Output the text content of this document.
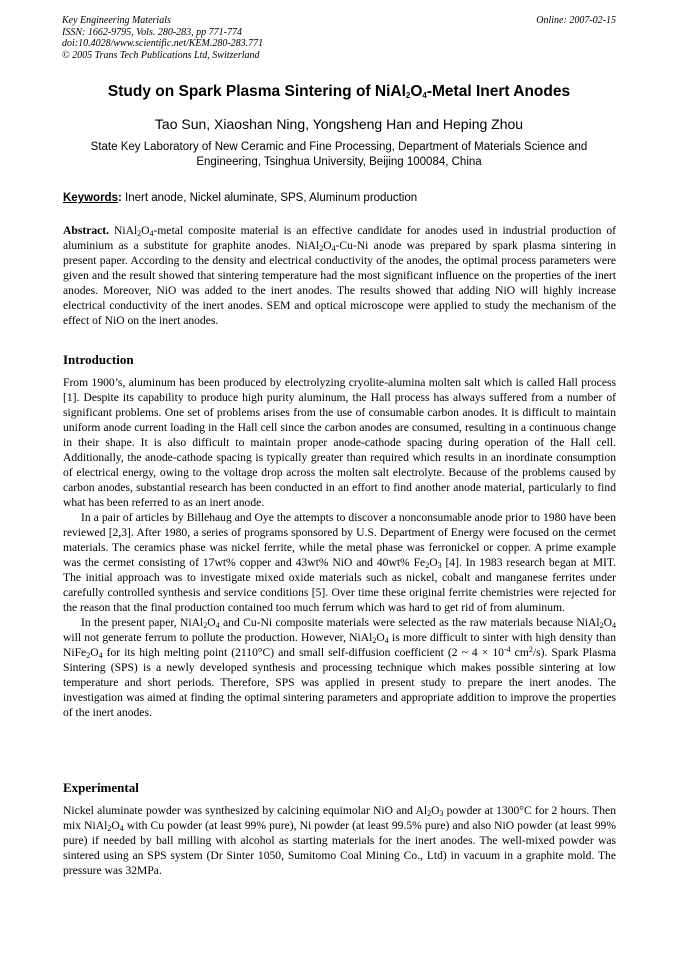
Key Engineering Materials
ISSN: 1662-9795, Vols. 280-283, pp 771-774
doi:10.4028/www.scientific.net/KEM.280-283.771
© 2005 Trans Tech Publications Ltd, Switzerland
Online: 2007-02-15
Study on Spark Plasma Sintering of $NiAl_2O_4$-Metal Inert Anodes
Tao Sun, Xiaoshan Ning, Yongsheng Han and Heping Zhou
State Key Laboratory of New Ceramic and Fine Processing, Department of Materials Science and
Engineering, Tsinghua University, Beijing 100084, China
Keywords: Inert anode, Nickel aluminate, SPS, Aluminum production

Abstract. $NiAl_2O_4$-metal composite material is an effective candidate for anodes used in industrial production of aluminium as a substitute for graphite anodes. $NiAl_2O_4-Cu-Ni$ anode was prepared by spark plasma sintering in present paper. According to the density and electrical conductivity of the anodes, the optimal process parameters were given and the result showed that sintering temperature had the most significant influence on the properties of the inert anodes. Moreover, NiO was added to the inert anodes. The results showed that adding NiO will highly increase electrical conductivity of the inert anodes. SEM and optical microscope were applied to study the mechanism of the effect of NiO on the inert anodes.

Introduction

From 1900’s, aluminum has been produced by electrolyzing cryolite-alumina molten salt which is called Hall process [1]. Despite its capability to produce high purity aluminum, the Hall process has always suffered from a number of significant problems. One set of problems arises from the use of consumable carbon anodes. It is difficult to maintain uniform anode current loading in the Hall cell since the carbon anodes are consumed, resulting in a continuous change in their shape. It is also difficult to maintain proper anode-cathode spacing during operation of the Hall cell. Additionally, the anode-cathode spacing is typically greater than required which results in an inordinate consumption of electrical energy, owing to the voltage drop across the molten salt electrolyte. Because of the problems caused by carbon anodes, substantial research has been conducted in an effort to find another anode material, particularly to find what has been referred to as an inert anode.

In a pair of articles by Billehaug and Oye the attempts to discover a nonconsumable anode prior to 1980 have been reviewed [2,3]. After 1980, a series of programs sponsored by U.S. Department of Energy were focused on the cermet materials. The ceramics phase was nickel ferrite, while the metal phase was ferronickel or copper. A prime example was the cermet consisting of 17wt% copper and 43wt% NiO and 40wt% $Fe_2O_3$ [4]. In 1983 research began at MIT. The initial approach was to investigate mixed oxide materials such as nickel, cobalt and manganese ferrites under carefully controlled synthesis and service conditions [5]. Over time these original ferrite chemistries were rejected for the reason that the final production contained too much ferrum which was hard to get rid of from aluminum.

In the present paper, $NiAl_2O_4$ and Cu-Ni composite materials were selected as the raw materials because $NiAl_2O_4$ will not generate ferrum to pollute the production. However, $NiAl_2O_4$ is more difficult to sinter with high density than $NiFe_2O_4$ for its high melting point (2110°C) and small self-diffusion coefficient (2 ~ $4 \times 10^{-4}$ $cm^2/s$). Spark Plasma Sintering (SPS) is a newly developed synthesis and processing technique which makes possible sintering at low temperature and short periods. Therefore, SPS was applied in present study to prepare the inert anodes. The investigation was aimed at finding the optimal sintering parameters and appropriate addition to improve the properties of the inert anodes.

Experimental

Nickel aluminate powder was synthesized by calcining equimolar NiO and $Al_2O_3$ powder at 1300°C for 2 hours. Then mix $NiAl_2O_4$ with Cu powder (at least 99% pure), Ni powder (at least 99.5% pure) and also NiO powder (at least 99% pure) if needed by ball milling with alcohol as starting materials for the inert anodes. The well-mixed powder was sintered using an SPS system (Dr Sinter 1050, Sumitomo Coal Mining Co., Ltd) in vacuum in a graphite mold. The pressure was 32MPa.
